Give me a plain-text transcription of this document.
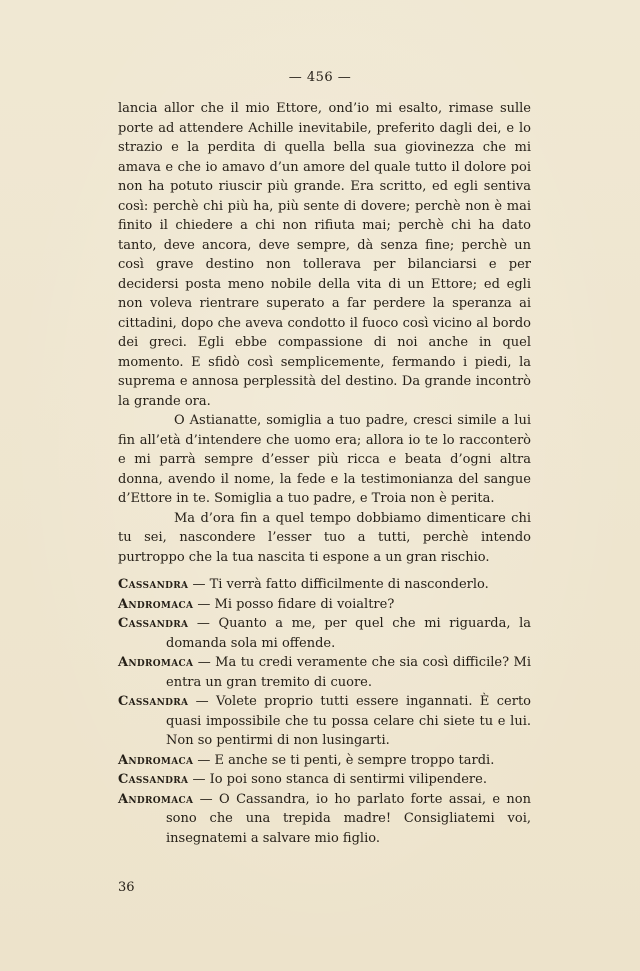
— 456 —

lancia allor che il mio Ettore, ond’io mi esalto, rimase sulle porte ad attendere Achille inevitabile, preferito dagli dei, e lo strazio e la perdita di quella bella sua giovinezza che mi amava e che io amavo d’un amore del quale tutto il dolore poi non ha potuto riuscir più grande. Era scritto, ed egli sentiva così: perchè chi più ha, più sente di dovere; perchè non è mai finito il chiedere a chi non rifiuta mai; perchè chi ha dato tanto, deve ancora, deve sempre, dà senza fine; perchè un così grave destino non tollerava per bilanciarsi e per decidersi posta meno nobile della vita di un Ettore; ed egli non voleva rientrare superato a far perdere la speranza ai cittadini, dopo che aveva condotto il fuoco così vicino al bordo dei greci. Egli ebbe compassione di noi anche in quel momento. E sfidò così semplicemente, fermando i piedi, la suprema e annosa perplessità del destino. Da grande incontrò la grande ora.

O Astianatte, somiglia a tuo padre, cresci simile a lui fin all’età d’intendere che uomo era; allora io te lo racconterò e mi parrà sempre d’esser più ricca e beata d’ogni altra donna, avendo il nome, la fede e la testimonianza del sangue d’Ettore in te. Somiglia a tuo padre, e Troia non è perita.

Ma d’ora fin a quel tempo dobbiamo dimenticare chi tu sei, nascondere l’esser tuo a tutti, perchè intendo purtroppo che la tua nascita ti espone a un gran rischio.

Cassandra — Ti verrà fatto difficilmente di nasconderlo.
Andromaca — Mi posso fidare di voialtre?
Cassandra — Quanto a me, per quel che mi riguarda, la domanda sola mi offende.
Andromaca — Ma tu credi veramente che sia così difficile? Mi entra un gran tremito di cuore.
Cassandra — Volete proprio tutti essere ingannati. È certo quasi impossibile che tu possa celare chi siete tu e lui. Non so pentirmi di non lusingarti.
Andromaca — E anche se ti penti, è sempre troppo tardi.
Cassandra — Io poi sono stanca di sentirmi vilipendere.
Andromaca — O Cassandra, io ho parlato forte assai, e non sono che una trepida madre! Consigliatemi voi, insegnatemi a salvare mio figlio.
36
